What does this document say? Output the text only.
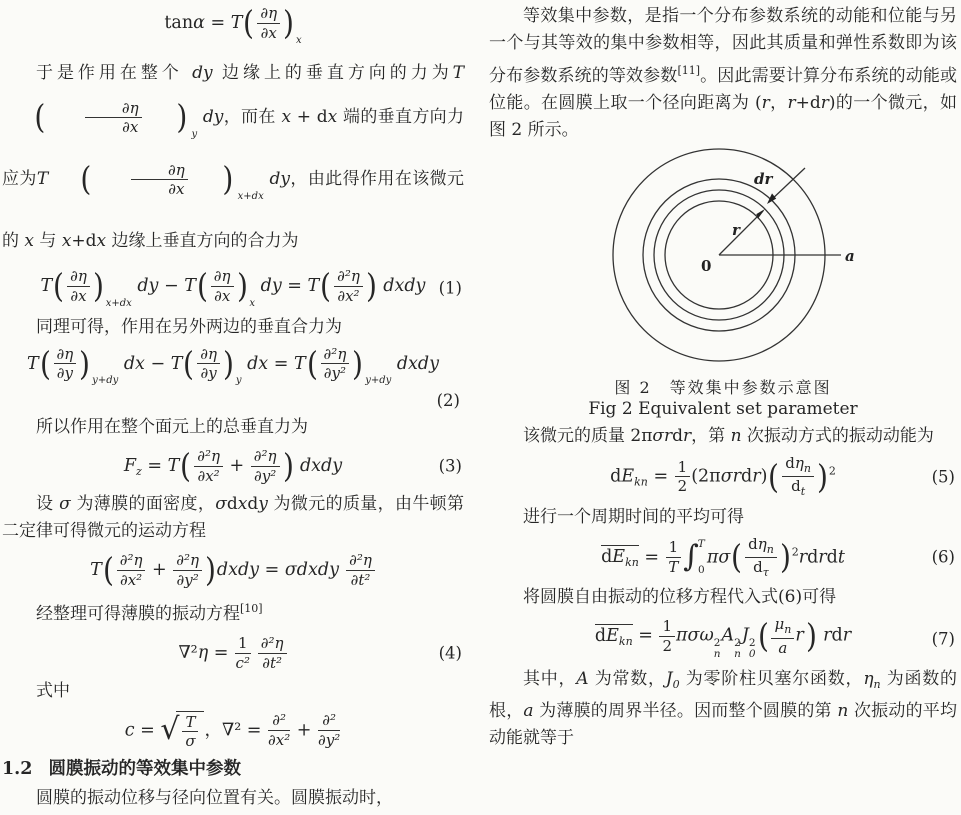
tanα = T ( $\frac{\partial\eta}{\partial x}$ ) $_x$

于是作用在整个 dy 边缘上的垂直方向的力为T
(	$\frac{\partial\eta}{\partial x}$	) $_y$ dy，而在 x + dx 端的垂直方向力应为T (	$\frac{\partial\eta}{\partial x}$	) $_{x+dx}$ dy，由此得作用在该微元的 x 与 x+dx 边缘上垂直方向的合力为

T ( $\frac{\partial\eta}{\partial x}$ ) $_{x+dx}$ dy − T ( $\frac{\partial\eta}{\partial x}$ ) $_x$ dy = T ( $\frac{\text{∂²η}}{\text{∂x²}}$ ) dxdy (1)

同理可得，作用在另外两边的垂直合力为

T ( $\frac{\partial\eta}{\partial y}$ ) $_{y+dy}$ dx − T ( $\frac{\partial\eta}{\partial y}$ ) $_y$ dx = T ( $\frac{\text{∂²η}}{\text{∂y²}}$ ) $_{y+dy}$ dxdy
(2)

所以作用在整个面元上的总垂直力为

$F_z = T$ ( $\frac{\text{∂²η}}{\text{∂x²}} + \frac{\text{∂²η}}{\text{∂y²}}$ ) dxdy	(3)

设 σ 为薄膜的面密度，σdxdy 为微元的质量，由牛顿第二定律可得微元的运动方程

T ( $\frac{\text{∂²η}}{\text{∂x²}} + \frac{\text{∂²η}}{\text{∂y²}}$ ) dxdy = σdxdy $\frac{\text{∂²η}}{\text{∂t²}}$

经整理可得薄膜的振动方程[10]

$\nabla^2\eta = \frac{1}{\text{c²}}$
$\frac{\text{∂²η}}{\text{∂t²}}$	(4)

式中

c = √ T
σ
，∇² = ∂²
∂x² + ∂²
∂y²
1.2 圆膜振动的等效集中参数

圆膜的振动位移与径向位置有关。圆膜振动时，

等效集中参数，是指一个分布参数系统的动能和位能与另一个与其等效的集中参数相等，因此其质量和弹性系数即为该分布参数系统的等效参数[11]。因此需要计算分布系统的动能或位能。在圆膜上取一个径向距离为 (r，r+dr)的一个微元，如图 2 所示。

dr
r
0
a
图 2　等效集中参数示意图
Fig 2 Equivalent set parameter

该微元的质量 2πσrdr，第 n 次振动方式的振动动能为

$dE_{kn} = \frac{1}{2} (2\pi\sigma rdr)$ ( $d\eta_n$
$d_t$ ) $^2$	(5)

进行一个周期时间的平均可得

$dE_{kn} = \frac{1}{T}$ ∫ T
0
πσ ( $d\eta_n$
$d_\tau$ ) $^2$rdrdt	(6)

将圆膜自由振动的位移方程代入式(6)可得

$dE_{kn} = \frac{1}{2}$ πσω 2
n
A 2
n
J 2
0 ( $\frac{\mu_n}{a}$ r ) rdr	(7)

其中，A 为常数，$J_0$ 为零阶柱贝塞尔函数，$\eta_n$ 为函数的根，a 为薄膜的周界半径。因而整个圆膜的第 n 次振动的平均动能就等于
